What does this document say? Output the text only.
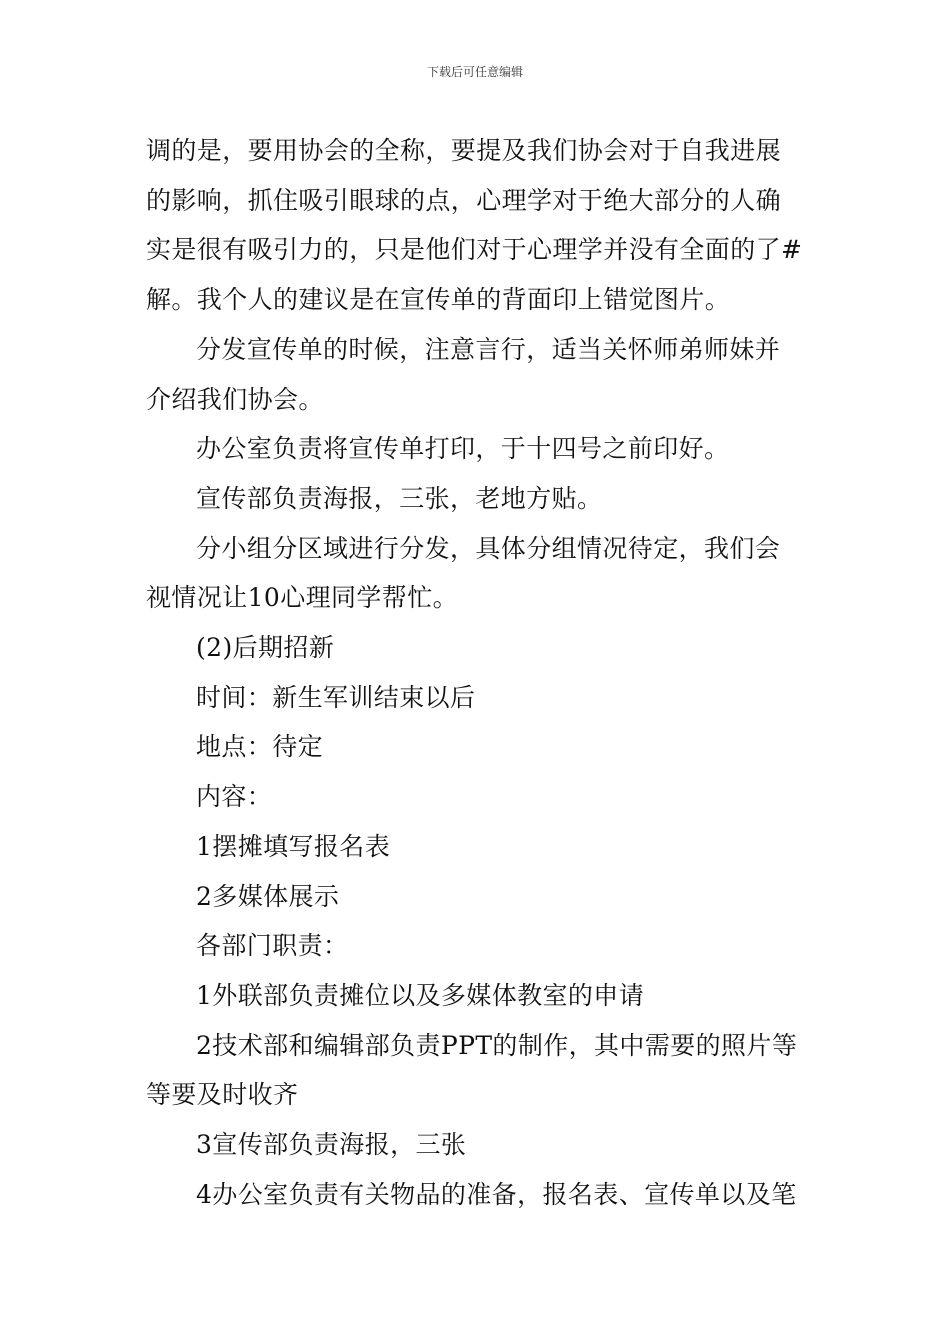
下载后可任意编辑

调的是，要用协会的全称，要提及我们协会对于自我进展

的影响，抓住吸引眼球的点，心理学对于绝大部分的人确

实是很有吸引力的，只是他们对于心理学并没有全面的了#

解。我个人的建议是在宣传单的背面印上错觉图片。

分发宣传单的时候，注意言行，适当关怀师弟师妹并

介绍我们协会。

办公室负责将宣传单打印，于十四号之前印好。

宣传部负责海报，三张，老地方贴。

分小组分区域进行分发，具体分组情况待定，我们会

视情况让10心理同学帮忙。

(2)后期招新

时间：新生军训结束以后

地点：待定

内容：

1摆摊填写报名表

2多媒体展示

各部门职责：

1外联部负责摊位以及多媒体教室的申请

2技术部和编辑部负责PPT的制作，其中需要的照片等

等要及时收齐

3宣传部负责海报，三张

4办公室负责有关物品的准备，报名表、宣传单以及笔
